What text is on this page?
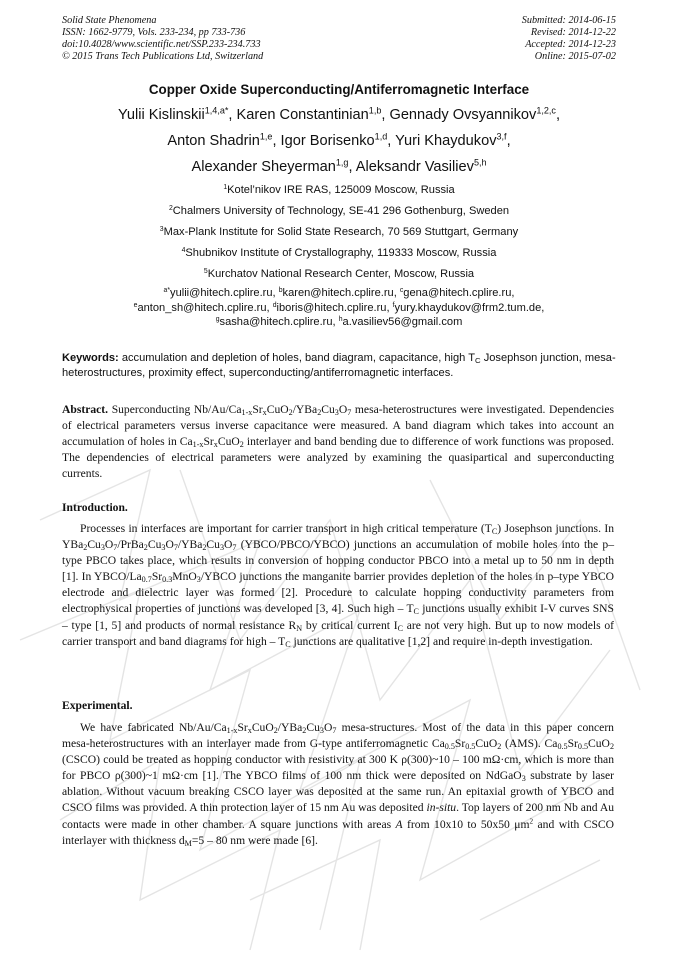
Solid State Phenomena
ISSN: 1662-9779, Vols. 233-234, pp 733-736
doi:10.4028/www.scientific.net/SSP.233-234.733
© 2015 Trans Tech Publications Ltd, Switzerland
Submitted: 2014-06-15
Revised: 2014-12-22
Accepted: 2014-12-23
Online: 2015-07-02
Copper Oxide Superconducting/Antiferromagnetic Interface
Yulii Kislinskii$^{1,4,a*}$, Karen Constantinian$^{1,b}$, Gennady Ovsyannikov$^{1,2,c}$,
Anton Shadrin$^{1,e}$, Igor Borisenko$^{1,d}$, Yuri Khaydukov$^{3,f}$,
Alexander Sheyerman$^{1,g}$, Aleksandr Vasiliev$^{5,h}$
$^1$Kotel’nikov IRE RAS, 125009 Moscow, Russia
$^2$Chalmers University of Technology, SE-41 296 Gothenburg, Sweden
$^3$Max-Plank Institute for Solid State Research, 70 569 Stuttgart, Germany
$^4$Shubnikov Institute of Crystallography, 119333 Moscow, Russia
$^5$Kurchatov National Research Center, Moscow, Russia
$^{a*}$yulii@hitech.cplire.ru, $^b$karen@hitech.cplire.ru, $^c$gena@hitech.cplire.ru,
$^e$anton_sh@hitech.cplire.ru, $^d$iboris@hitech.cplire.ru, $^f$yury.khaydukov@frm2.tum.de,
$^g$sasha@hitech.cplire.ru, $^h$a.vasiliev56@gmail.com
Keywords: accumulation and depletion of holes, band diagram, capacitance, high $T_C$ Josephson junction, mesa-heterostructures, proximity effect, superconducting/antiferromagnetic interfaces.

Abstract. Superconducting $Nb/Au/Ca_{1-x}Sr_xCuO_2/YBa_2Cu_3O_7$ mesa-heterostructures were investigated. Dependencies of electrical parameters versus inverse capacitance were measured. A band diagram which takes into account an accumulation of holes in $Ca_{1-x}Sr_xCuO_2$ interlayer and band bending due to difference of work functions was proposed. The dependencies of electrical parameters were analyzed by examining the quasipartical and superconducting currents.

Introduction.

Processes in interfaces are important for carrier transport in high critical temperature $(T_C)$ Josephson junctions. In $YBa_2Cu_3O_7/PrBa_2Cu_3O_7/YBa_2Cu_3O_7$ (YBCO/PBCO/YBCO) junctions an accumulation of mobile holes into the p–type PBCO takes place, which results in conversion of hopping conductor PBCO into a metal up to 50 nm in depth [1]. In YBCO/$La_{0.7}Sr_{0.3}MnO_3$/YBCO junctions the manganite barrier provides depletion of the holes in p–type YBCO electrode and dielectric layer was formed [2]. Procedure to calculate hopping conductivity parameters from electrophysical properties of junctions was developed [3, 4]. Such high – $T_C$ junctions usually exhibit I-V curves SNS – type [1, 5] and products of normal resistance $R_N$ by critical current $I_C$ are not very high. But up to now models of carrier transport and band diagrams for high – $T_C$ junctions are qualitative [1,2] and require in-depth investigation.

Experimental.

We have fabricated $Nb/Au/Ca_{1-x}Sr_xCuO_2/YBa_2Cu_3O_7$ mesa-structures. Most of the data in this paper concern mesa-heterostructures with an interlayer made from G-type antiferromagnetic $Ca_{0.5}Sr_{0.5}CuO_2$ (AMS). $Ca_{0.5}Sr_{0.5}CuO_2$ (CSCO) could be treated as hopping conductor with resistivity at 300 K ρ(300)~10 – 100 mΩ·cm, which is more than for PBCO ρ(300)~1 mΩ·cm [1]. The YBCO films of 100 nm thick were deposited on NdGaO$_3$ substrate by laser ablation. Without vacuum breaking CSCO layer was deposited at the same run. An epitaxial growth of YBCO and CSCO films was provided. A thin protection layer of 15 nm Au was deposited in-situ. Top layers of 200 nm Nb and Au contacts were made in other chamber. A square junctions with areas A from 10x10 to 50x50 $\mu m^2$ and with CSCO interlayer with thickness $d_M=5 - 80$ nm were made [6].
